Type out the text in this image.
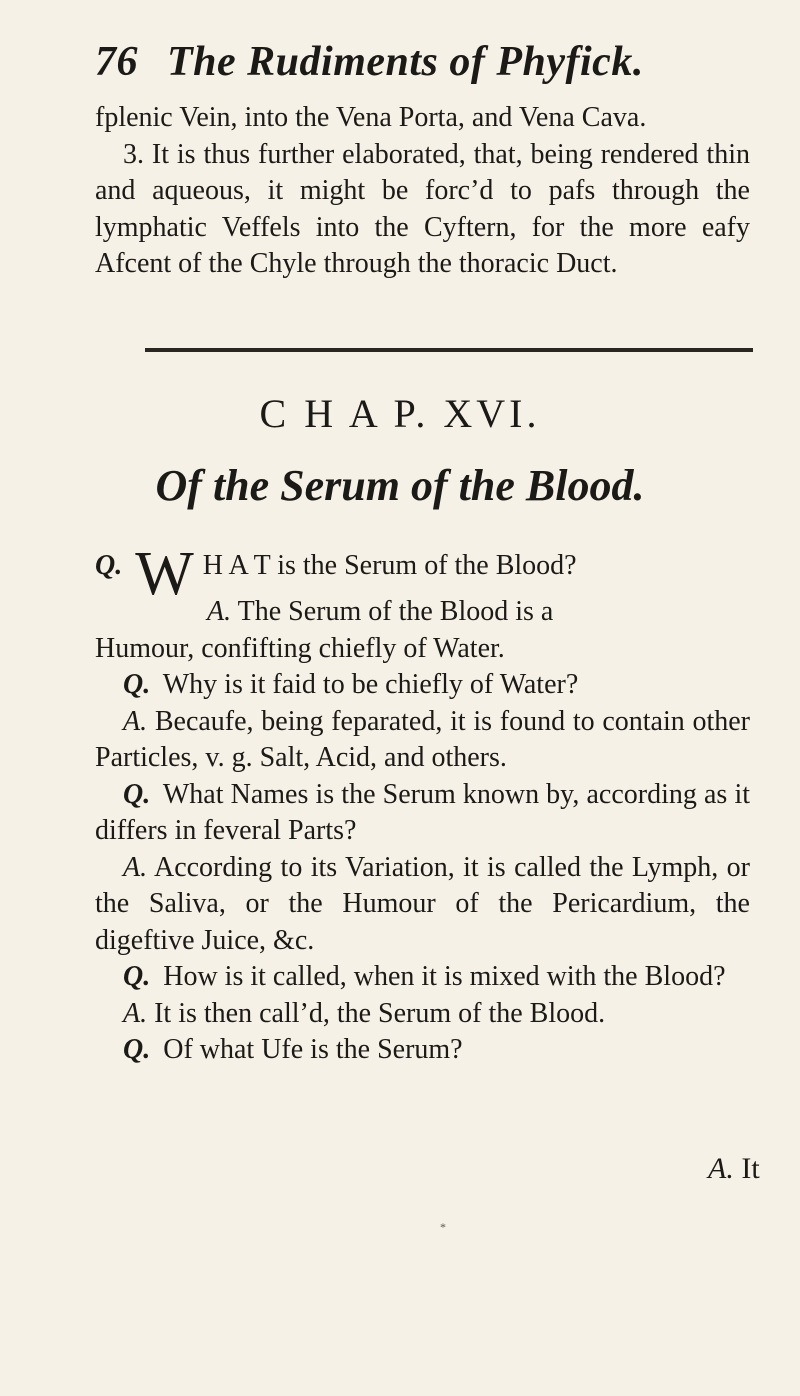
76 The Rudiments of Phyfick.

fplenic Vein, into the Vena Porta, and Vena Cava.

3. It is thus further elaborated, that, being rendered thin and aqueous, it might be forc’d to pafs through the lymphatic Veffels into the Cyftern, for the more eafy Afcent of the Chyle through the thoracic Duct.

C H A P. XVI.
Of the Serum of the Blood.

Q. W H A T is the Serum of the Blood?

A. The Serum of the Blood is a

Humour, confifting chiefly of Water.

Q. Why is it faid to be chiefly of Water?

A. Becaufe, being feparated, it is found to contain other Particles, v. g. Salt, Acid, and others.

Q. What Names is the Serum known by, according as it differs in feveral Parts?

A. According to its Variation, it is called the Lymph, or the Saliva, or the Humour of the Pericardium, the digeftive Juice, &c.

Q. How is it called, when it is mixed with the Blood?

A. It is then call’d, the Serum of the Blood.

Q. Of what Ufe is the Serum?

A. It
*
